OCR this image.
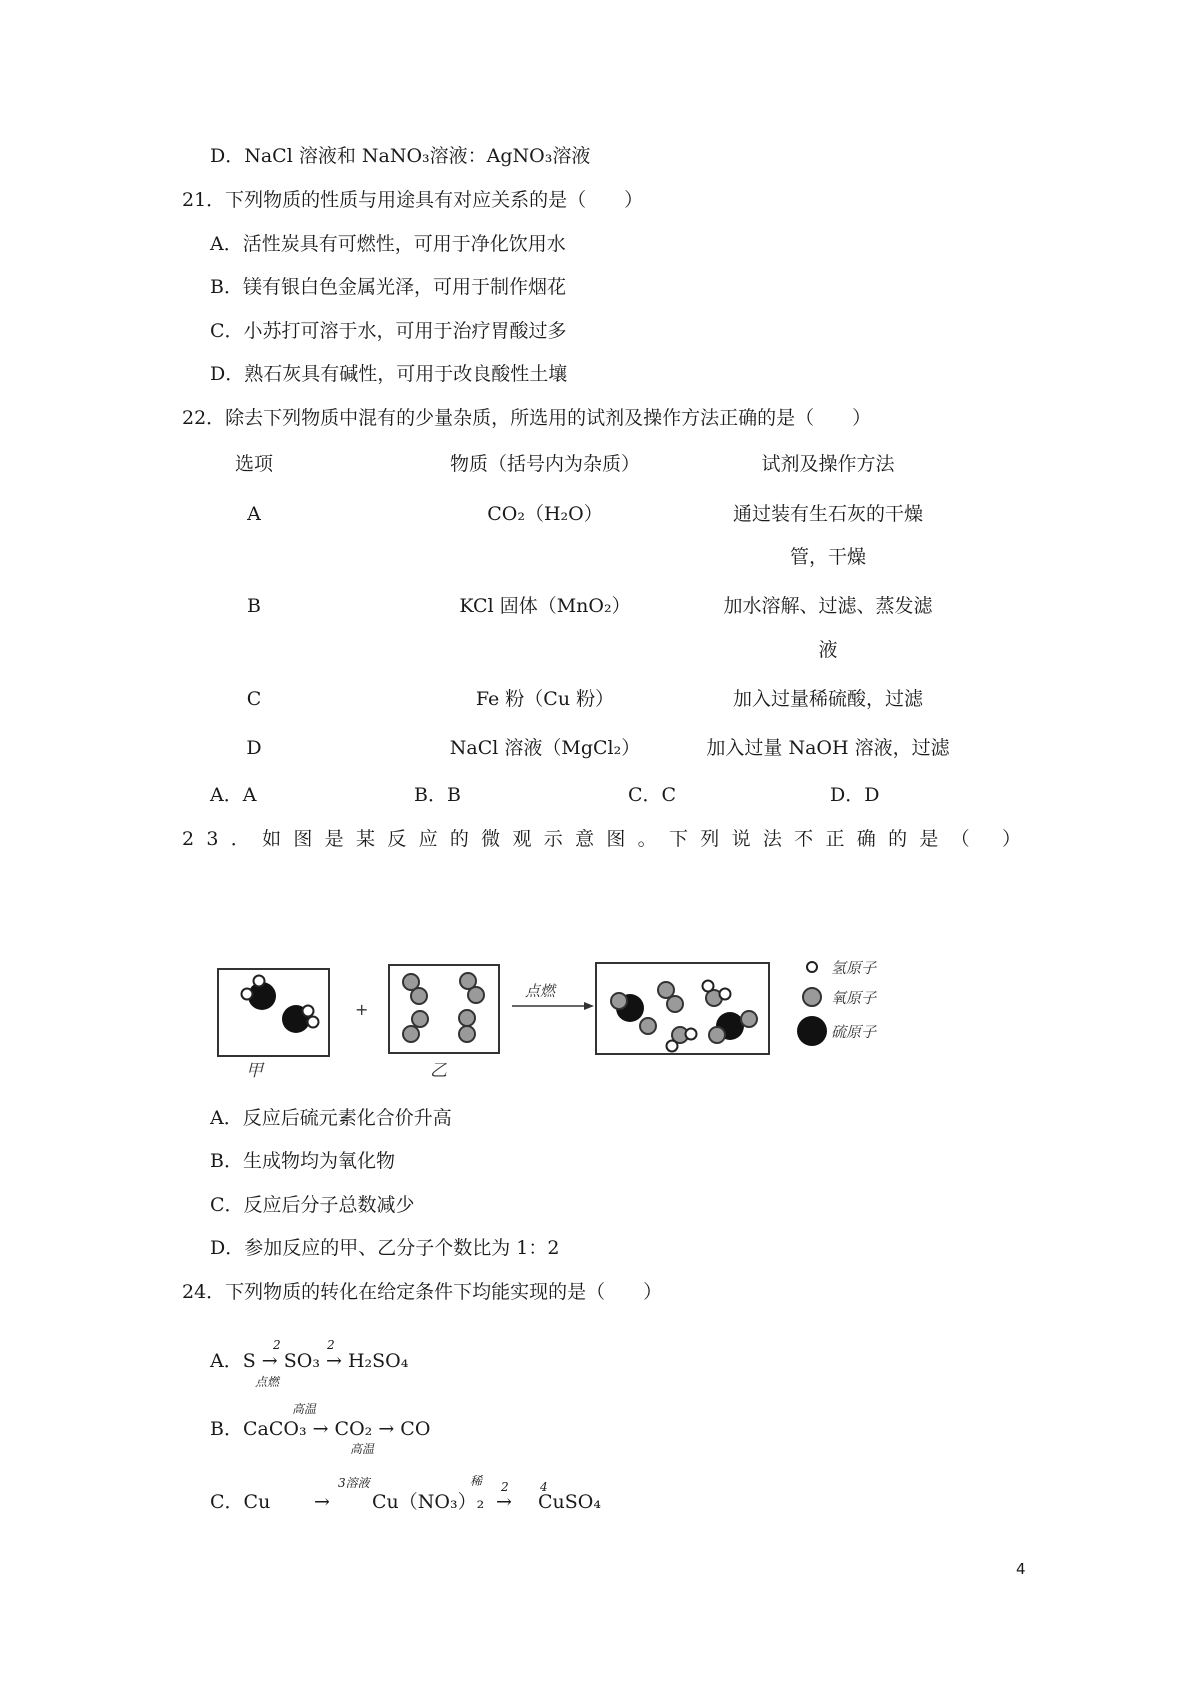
D．NaCl 溶液和 NaNO₃溶液：AgNO₃溶液
21．下列物质的性质与用途具有对应关系的是（　　）
A．活性炭具有可燃性，可用于净化饮用水
B．镁有银白色金属光泽，可用于制作烟花
C．小苏打可溶于水，可用于治疗胃酸过多
D．熟石灰具有碱性，可用于改良酸性土壤
22．除去下列物质中混有的少量杂质，所选用的试剂及操作方法正确的是（　　）
选项	物质（括号内为杂质）	试剂及操作方法
A	CO₂（H₂O）	通过装有生石灰的干燥
管，干燥
B	KCl 固体（MnO₂）	加水溶解、过滤、蒸发滤
液
C	Fe 粉（Cu 粉）	加入过量稀硫酸，过滤
D	NaCl 溶液（MgCl₂）	加入过量 NaOH 溶液，过滤
A．A	B．B	C．C	D．D
23．如图是某反应的微观示意图。下列说法不正确的是（ ）
+
点燃
氢原子
氧原子
硫原子
甲	乙
A．反应后硫元素化合价升高
B．生成物均为氧化物
C．反应后分子总数减少
D．参加反应的甲、乙分子个数比为 1：2
24．下列物质的转化在给定条件下均能实现的是（　　）
A．S → SO₃ → H₂SO₄
2	2
点燃
B．CaCO₃ → CO₂ → CO
高温
高温
C．Cu →
3溶液
Cu（NO₃）₂
稀 2	4
→ CuSO₄
4
